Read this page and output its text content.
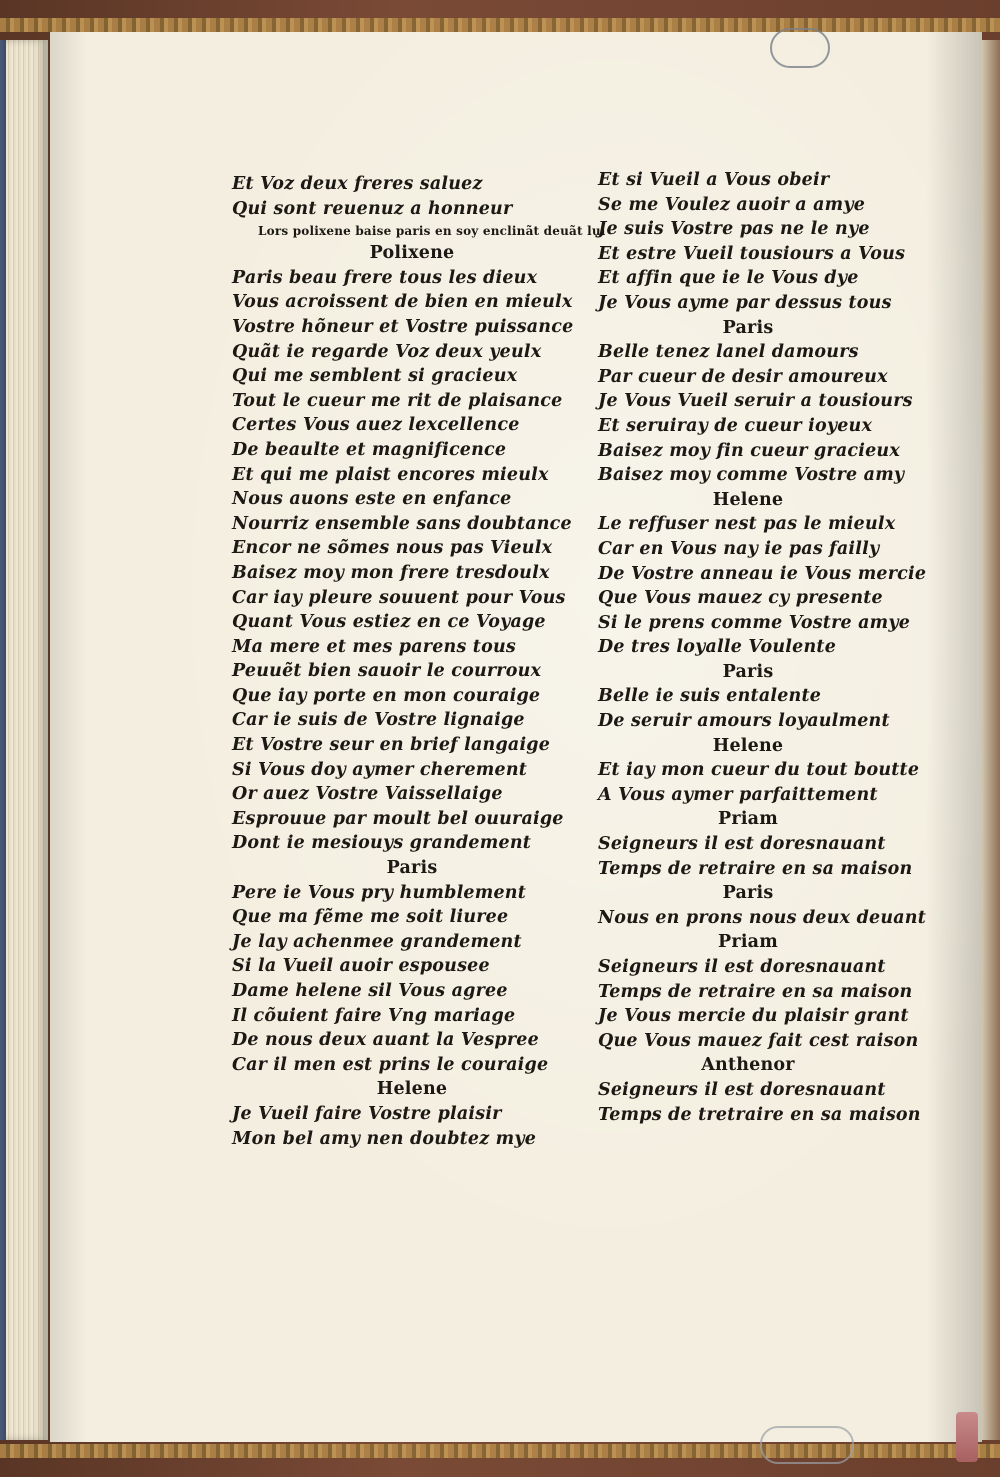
Et Voz deux freres saluez
Qui sont reuenuz a honneur
Lors polixene baise paris en soy enclinãt deuãt lui
Polixene
Paris beau frere tous les dieux
Vous acroissent de bien en mieulx
Vostre hõneur et Vostre puissance
Quãt ie regarde Voz deux yeulx
Qui me semblent si gracieux
Tout le cueur me rit de plaisance
Certes Vous auez lexcellence
De beaulte et magnificence
Et qui me plaist encores mieulx
Nous auons este en enfance
Nourriz ensemble sans doubtance
Encor ne sõmes nous pas Vieulx
Baisez moy mon frere tresdoulx
Car iay pleure souuent pour Vous
Quant Vous estiez en ce Voyage
Ma mere et mes parens tous
Peuuẽt bien sauoir le courroux
Que iay porte en mon couraige
Car ie suis de Vostre lignaige
Et Vostre seur en brief langaige
Si Vous doy aymer cherement
Or auez Vostre Vaissellaige
Esprouue par moult bel ouuraige
Dont ie mesiouys grandement
Paris
Pere ie Vous pry humblement
Que ma fẽme me soit liuree
Je lay achептee grandement
Si la Vueil auoir espousee
Dame helene sil Vous agree
Il cõuient faire Vng mariage
De nous deux auant la Vespree
Car il men est prins le couraige
Helene
Je Vueil faire Vostre plaisir
Mon bel amy nen doubtez mye
Et si Vueil a Vous obeir
Se me Voulez auoir a amye
Je suis Vostre pas ne le nye
Et estre Vueil tousiours a Vous
Et affin que ie le Vous dye
Je Vous ayme par dessus tous
Paris
Belle tenez lanel damours
Par cueur de desir amoureux
Je Vous Vueil seruir a tousiours
Et seruiray de cueur ioyeux
Baisez moy fin cueur gracieux
Baisez moy comme Vostre amy
Helene
Le reffuser nest pas le mieulx
Car en Vous nay ie pas failly
De Vostre anneau ie Vous mercie
Que Vous mauez cy presente
Si le prens comme Vostre amye
De tres loyalle Voulente
Paris
Belle ie suis entalente
De seruir amours loyaulment
Helene
Et iay mon cueur du tout boutte
A Vous aymer parfaittement
Priam
Seigneurs il est doresnauant
Temps de retraire en sa maison
Paris
Nous en prons nous deux deuant
Priam
Seigneurs il est doresnauant
Temps de retraire en sa maison
Je Vous mercie du plaisir grant
Que Vous mauez fait cest raison
Anthenor
Seigneurs il est doresnauant
Temps de tretraire en sa maison
